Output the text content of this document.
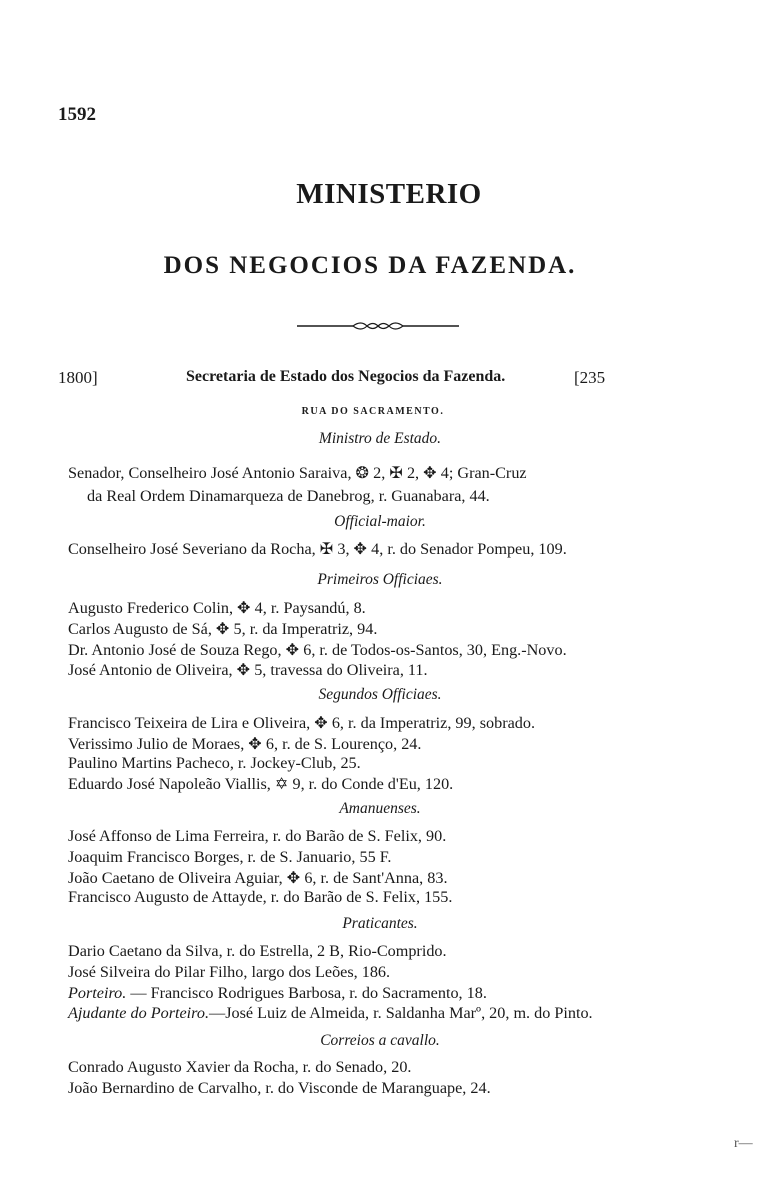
1592
MINISTERIO
DOS NEGOCIOS DA FAZENDA.
1800]	Secretaria de Estado dos Negocios da Fazenda.	[235
RUA DO SACRAMENTO.
Ministro de Estado.
Senador, Conselheiro José Antonio Saraiva, ❂ 2, ✠ 2, ✥ 4; Gran-Cruz
da Real Ordem Dinamarqueza de Danebrog, r. Guanabara, 44.
Official-maior.
Conselheiro José Severiano da Rocha, ✠ 3, ✥ 4, r. do Senador Pompeu, 109.
Primeiros Officiaes.
Augusto Frederico Colin, ✥ 4, r. Paysandú, 8.
Carlos Augusto de Sá, ✥ 5, r. da Imperatriz, 94.
Dr. Antonio José de Souza Rego, ✥ 6, r. de Todos-os-Santos, 30, Eng.-Novo.
José Antonio de Oliveira, ✥ 5, travessa do Oliveira, 11.
Segundos Officiaes.
Francisco Teixeira de Lira e Oliveira, ✥ 6, r. da Imperatriz, 99, sobrado.
Verissimo Julio de Moraes, ✥ 6, r. de S. Lourenço, 24.
Paulino Martins Pacheco, r. Jockey-Club, 25.
Eduardo José Napoleão Viallis, ✡ 9, r. do Conde d'Eu, 120.
Amanuenses.
José Affonso de Lima Ferreira, r. do Barão de S. Felix, 90.
Joaquim Francisco Borges, r. de S. Januario, 55 F.
João Caetano de Oliveira Aguiar, ✥ 6, r. de Sant'Anna, 83.
Francisco Augusto de Attayde, r. do Barão de S. Felix, 155.
Praticantes.
Dario Caetano da Silva, r. do Estrella, 2 B, Rio-Comprido.
José Silveira do Pilar Filho, largo dos Leões, 186.
Porteiro. — Francisco Rodrigues Barbosa, r. do Sacramento, 18.
Ajudante do Porteiro.—José Luiz de Almeida, r. Saldanha Marº, 20, m. do Pinto.
Correios a cavallo.
Conrado Augusto Xavier da Rocha, r. do Senado, 20.
João Bernardino de Carvalho, r. do Visconde de Maranguape, 24.
r—
